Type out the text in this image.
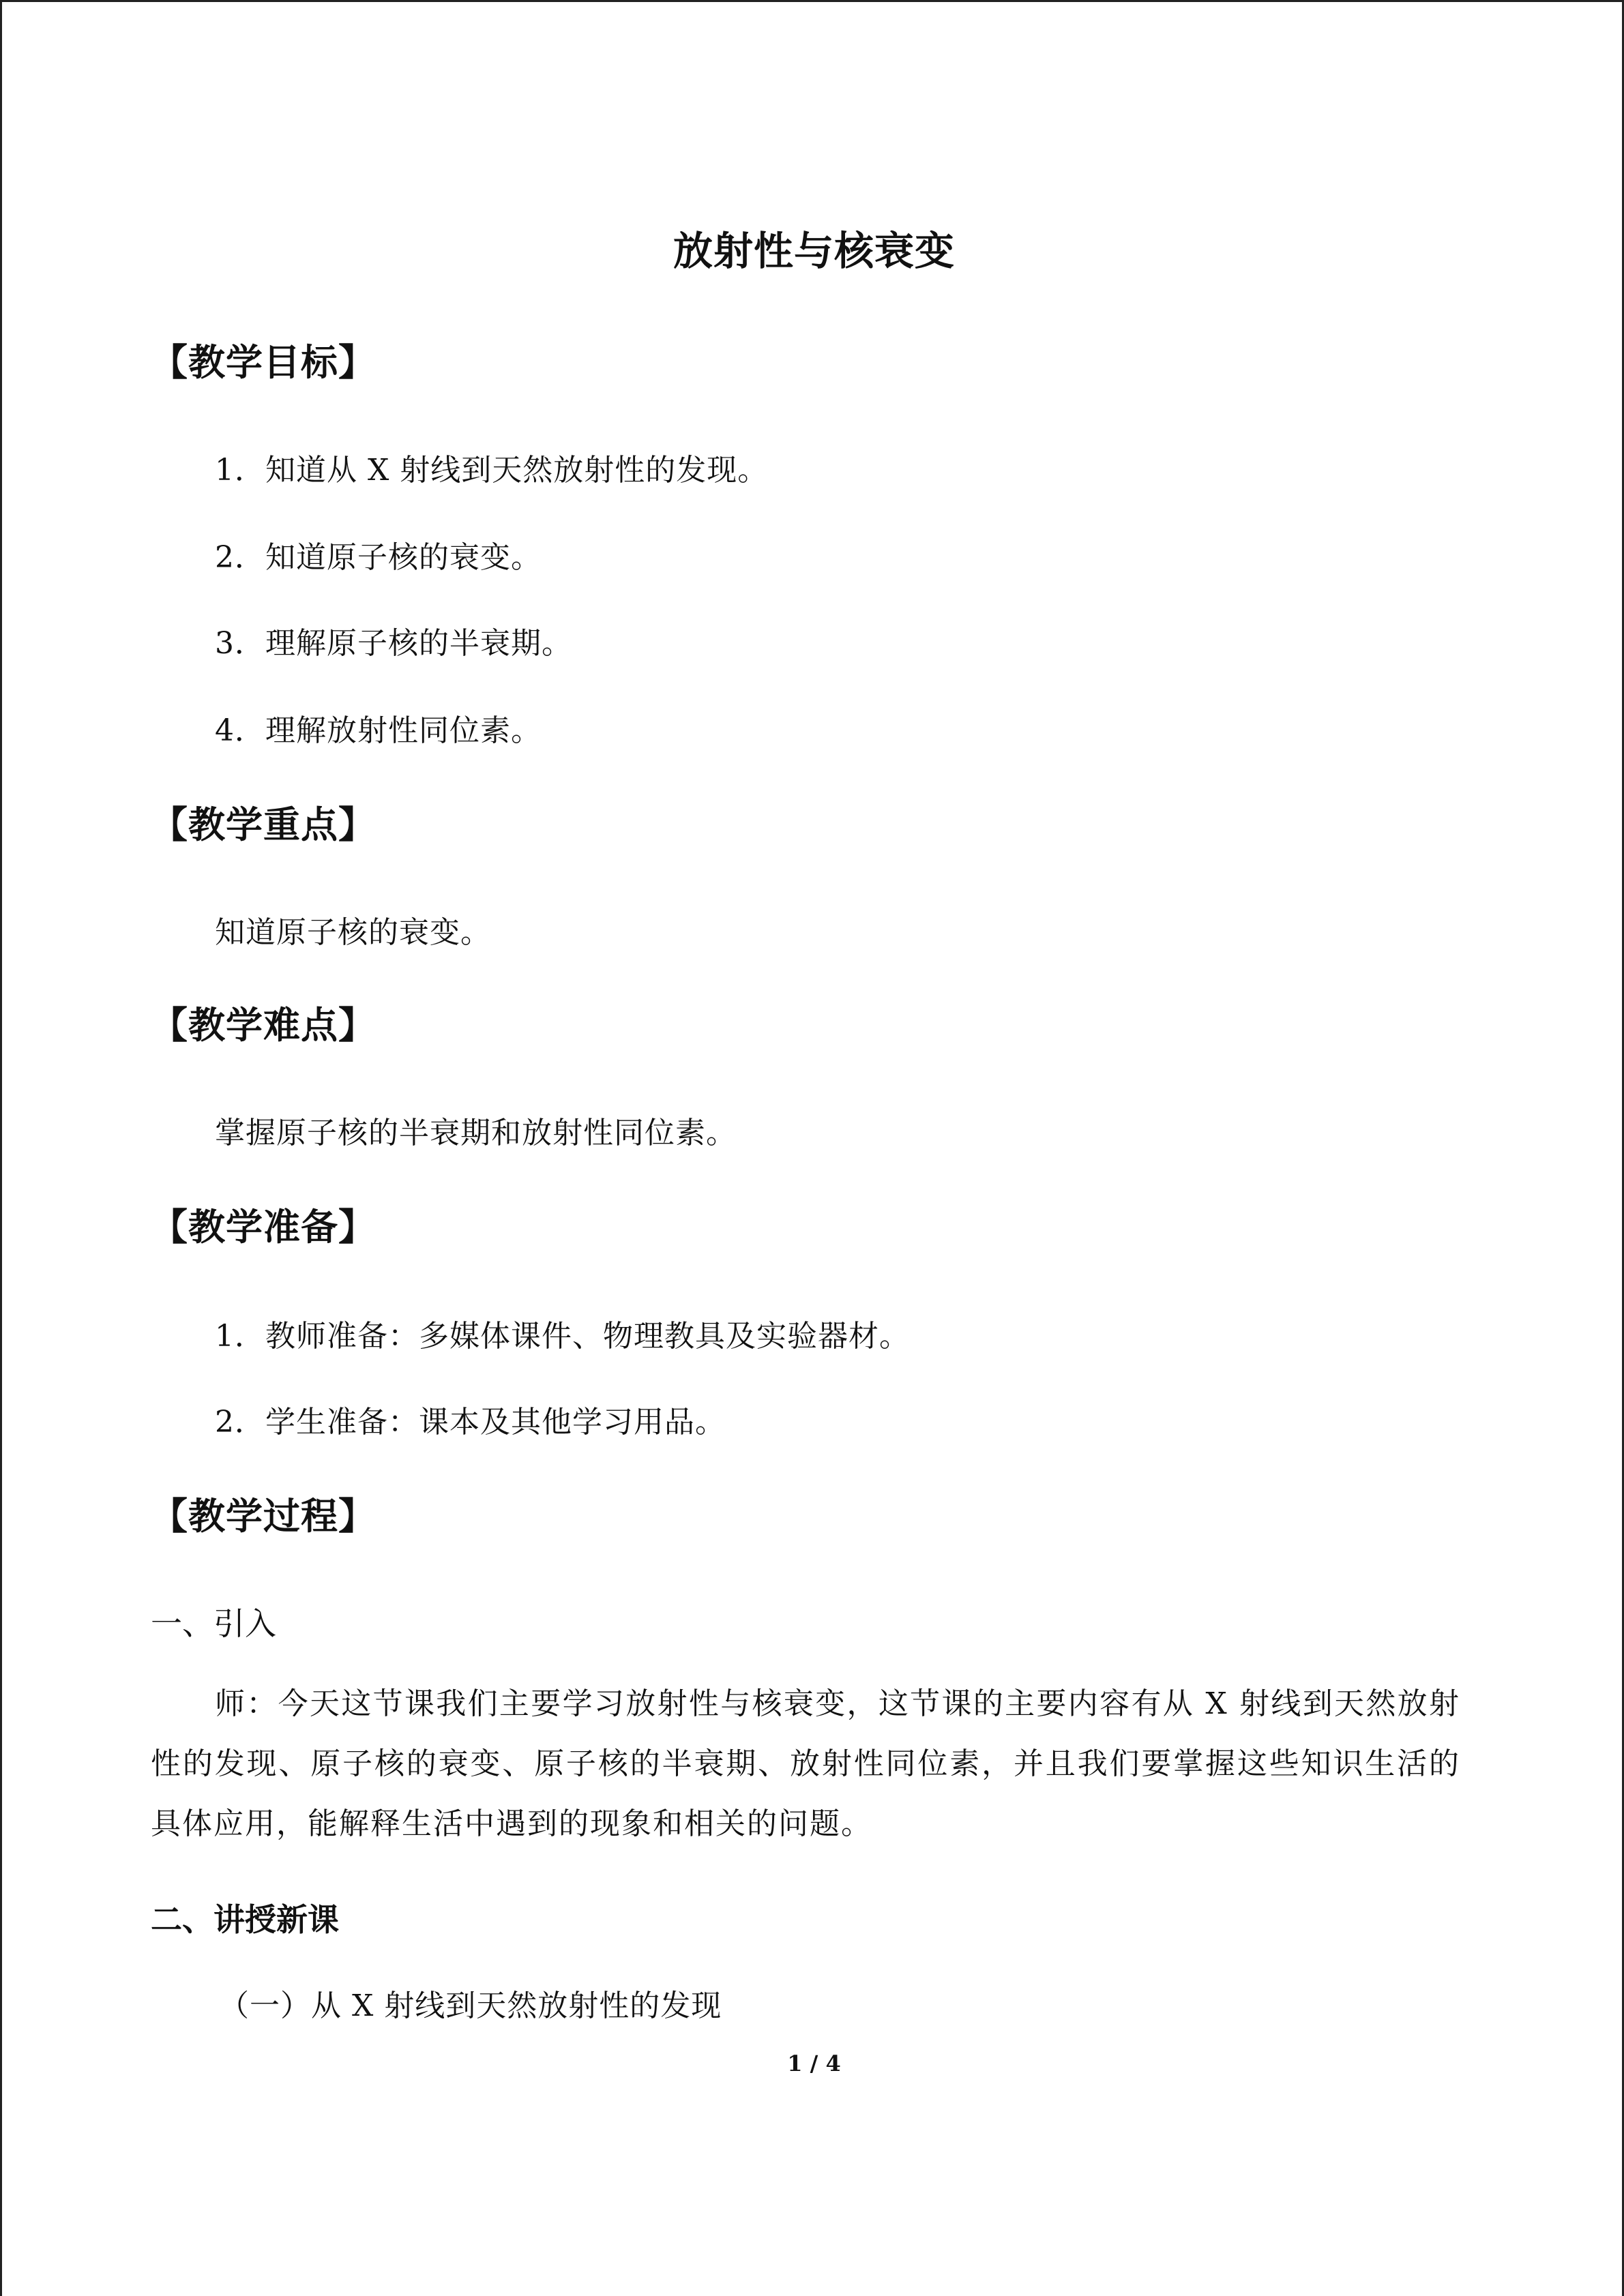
放射性与核衰变
【教学目标】
1．知道从 X 射线到天然放射性的发现。
2．知道原子核的衰变。
3．理解原子核的半衰期。
4．理解放射性同位素。
【教学重点】
知道原子核的衰变。
【教学难点】
掌握原子核的半衰期和放射性同位素。
【教学准备】
1．教师准备：多媒体课件、物理教具及实验器材。
2．学生准备：课本及其他学习用品。
【教学过程】
一、引入
师：今天这节课我们主要学习放射性与核衰变，这节课的主要内容有从 X 射线到天然放射性的发现、原子核的衰变、原子核的半衰期、放射性同位素，并且我们要掌握这些知识生活的具体应用，能解释生活中遇到的现象和相关的问题。
二、讲授新课
（一）从 X 射线到天然放射性的发现
1 / 4
